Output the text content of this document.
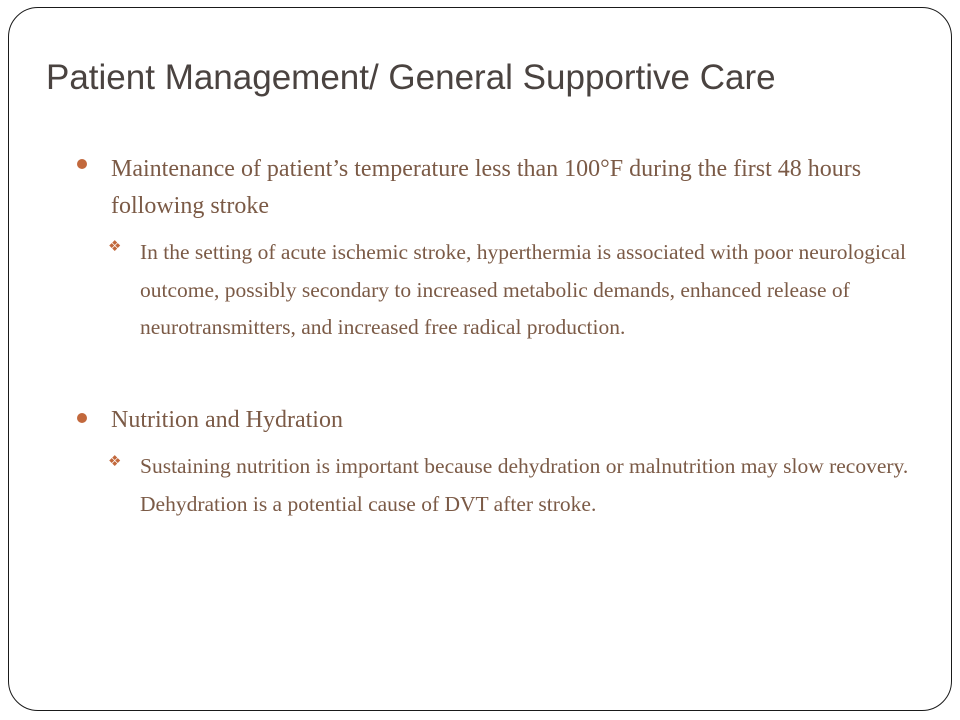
Patient Management/ General Supportive Care
Maintenance of patient’s temperature less than 100°F during the first 48 hours following stroke
❖ In the setting of acute ischemic stroke, hyperthermia is associated with poor neurological outcome, possibly secondary to increased metabolic demands, enhanced release of neurotransmitters, and increased free radical production.
Nutrition and Hydration
❖ Sustaining nutrition is important because dehydration or malnutrition may slow recovery. Dehydration is a potential cause of DVT after stroke.
